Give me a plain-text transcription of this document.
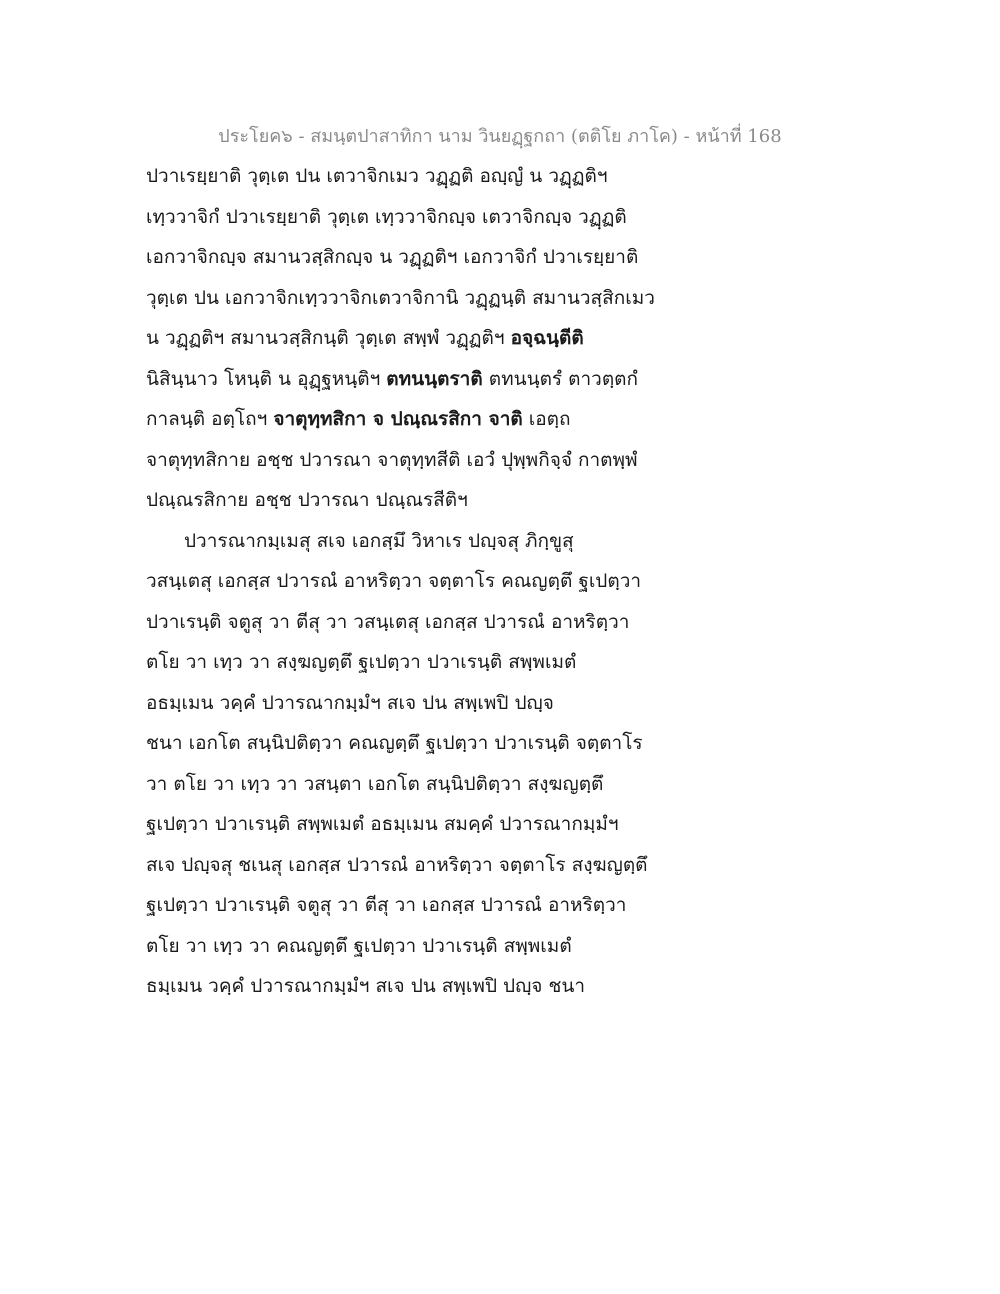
ประโยค๖ - สมนฺตปาสาทิกา นาม วินยฏฺฐกถา (ตติโย ภาโค) - หน้าที่ 168
ปวาเรยฺยาติ วุตฺเต ปน เตวาจิกเมว วฏฺฏติ อญฺญํ น วฏฺฏติฯ
เทฺววาจิกํ ปวาเรยฺยาติ วุตฺเต เทฺววาจิกญฺจ เตวาจิกญฺจ วฏฺฏติ
เอกวาจิกญฺจ สมานวสฺสิกญฺจ น วฏฺฏติฯ เอกวาจิกํ ปวาเรยฺยาติ
วุตฺเต ปน เอกวาจิกเทฺววาจิกเตวาจิกานิ วฏฺฏนฺติ สมานวสฺสิกเมว
น วฏฺฏติฯ สมานวสฺสิกนฺติ วุตฺเต สพฺพํ วฏฺฏติฯ อจฺฉนฺตีติ
นิสินฺนาว โหนฺติ น อุฏฺฐหนฺติฯ ตทนนฺตราติ ตทนนฺตรํ ตาวตฺตกํ
กาลนฺติ อตฺโถฯ จาตุทฺทสิกา จ ปณฺณรสิกา จาติ เอตฺถ
จาตุทฺทสิกาย อชฺช ปวารณา จาตุทฺทสีติ เอวํ ปุพฺพกิจฺจํ กาตพฺพํ
ปณฺณรสิกาย อชฺช ปวารณา ปณฺณรสีติฯ
ปวารณากมฺเมสุ สเจ เอกสฺมึ วิหาเร ปญฺจสุ ภิกฺขูสุ
วสนฺเตสุ เอกสฺส ปวารณํ อาหริตฺวา จตฺตาโร คณญตฺตึ ฐเปตฺวา
ปวาเรนฺติ จตูสุ วา ตีสุ วา วสนฺเตสุ เอกสฺส ปวารณํ อาหริตฺวา
ตโย วา เทฺว วา สงฺฆญตฺตึ ฐเปตฺวา ปวาเรนฺติ สพฺพเมตํ
อธมฺเมน วคฺคํ ปวารณากมฺมํฯ สเจ ปน สพฺเพปิ ปญฺจ
ชนา เอกโต สนฺนิปติตฺวา คณญตฺตึ ฐเปตฺวา ปวาเรนฺติ จตฺตาโร
วา ตโย วา เทฺว วา วสนฺตา เอกโต สนฺนิปติตฺวา สงฺฆญตฺตึ
ฐเปตฺวา ปวาเรนฺติ สพฺพเมตํ อธมฺเมน สมคฺคํ ปวารณากมฺมํฯ
สเจ ปญฺจสุ ชเนสุ เอกสฺส ปวารณํ อาหริตฺวา จตฺตาโร สงฺฆญตฺตึ
ฐเปตฺวา ปวาเรนฺติ จตูสุ วา ตีสุ วา เอกสฺส ปวารณํ อาหริตฺวา
ตโย วา เทฺว วา คณญตฺตึ ฐเปตฺวา ปวาเรนฺติ สพฺพเมตํ
ธมฺเมน วคฺคํ ปวารณากมฺมํฯ สเจ ปน สพฺเพปิ ปญฺจ ชนา
